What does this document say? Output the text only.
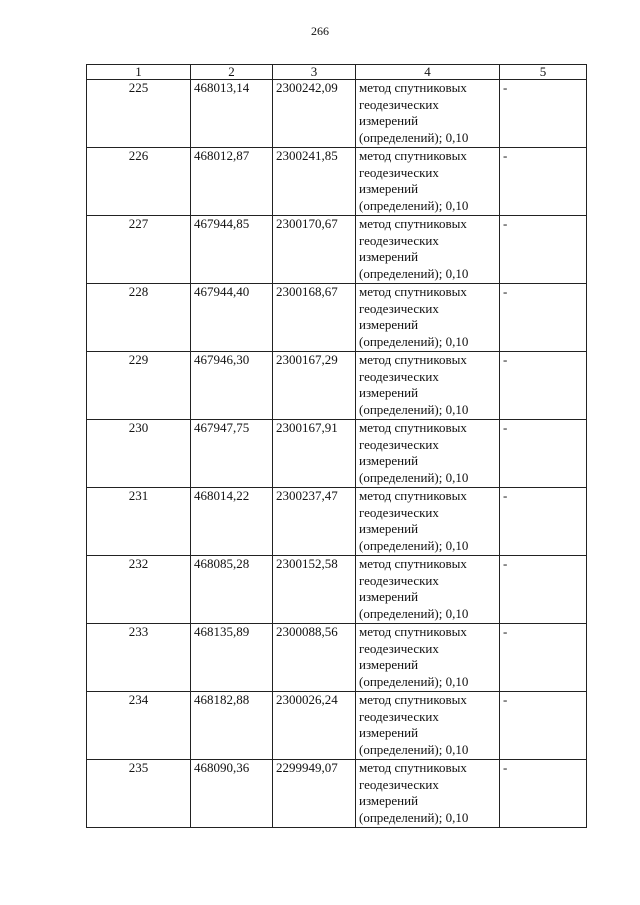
266
1	2	3	4	5
225	468013,14	2300242,09	метод спутниковых
геодезических
измерений
(определений); 0,10	-
226	468012,87	2300241,85	метод спутниковых
геодезических
измерений
(определений); 0,10	-
227	467944,85	2300170,67	метод спутниковых
геодезических
измерений
(определений); 0,10	-
228	467944,40	2300168,67	метод спутниковых
геодезических
измерений
(определений); 0,10	-
229	467946,30	2300167,29	метод спутниковых
геодезических
измерений
(определений); 0,10	-
230	467947,75	2300167,91	метод спутниковых
геодезических
измерений
(определений); 0,10	-
231	468014,22	2300237,47	метод спутниковых
геодезических
измерений
(определений); 0,10	-
232	468085,28	2300152,58	метод спутниковых
геодезических
измерений
(определений); 0,10	-
233	468135,89	2300088,56	метод спутниковых
геодезических
измерений
(определений); 0,10	-
234	468182,88	2300026,24	метод спутниковых
геодезических
измерений
(определений); 0,10	-
235	468090,36	2299949,07	метод спутниковых
геодезических
измерений
(определений); 0,10	-
